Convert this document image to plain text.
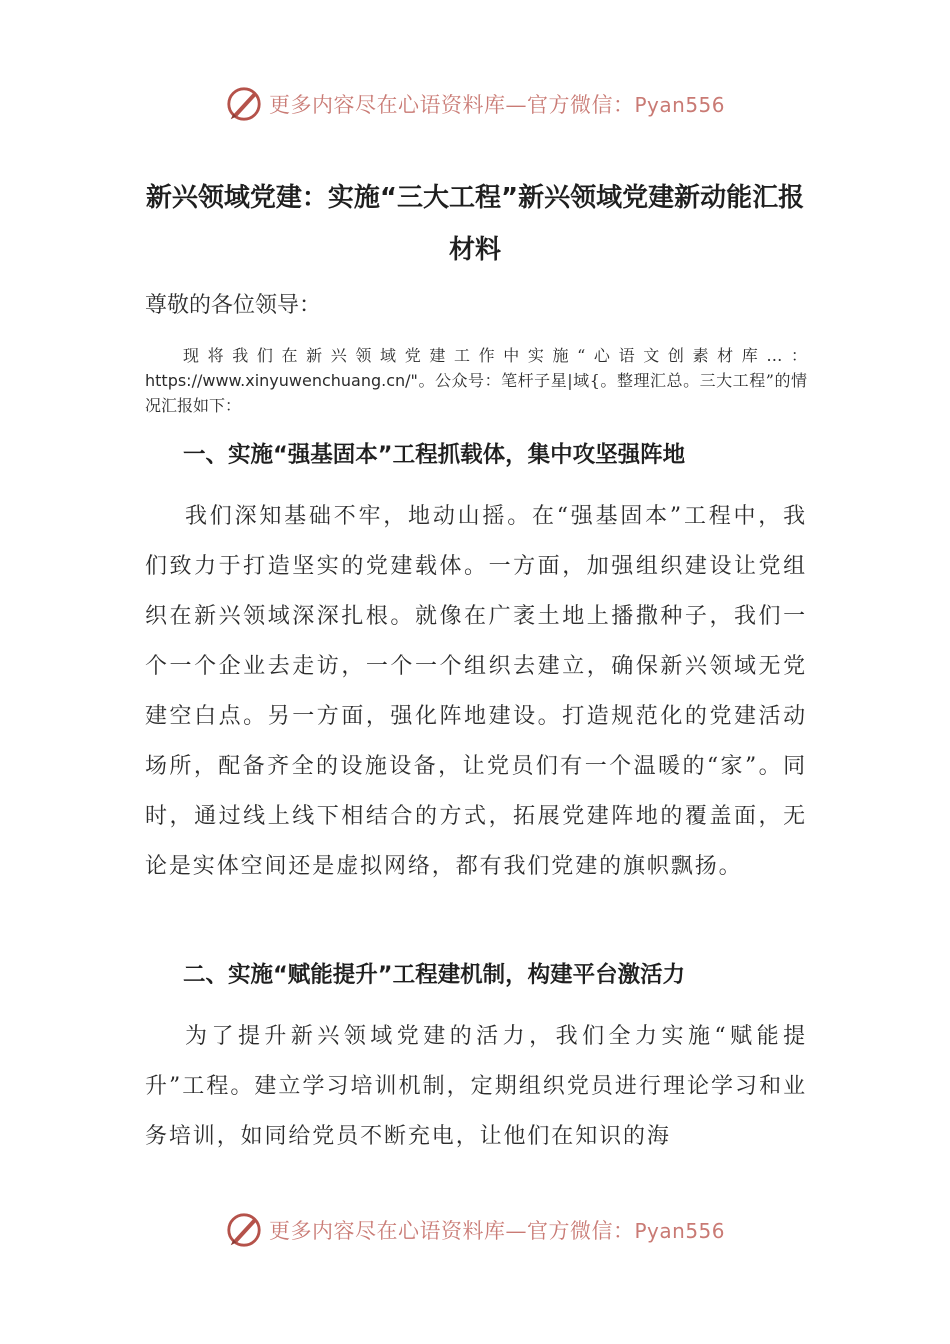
更多内容尽在心语资料库—官方微信：Pyan556
新兴领域党建：实施“三大工程”新兴领域党建新动能汇报材料
尊敬的各位领导：
现将我们在新兴领域党建工作中实施“心语文创素材库…：https://www.xinyuwenchuang.cn/"。公众号：笔杆子星|域{。整理汇总。三大工程”的情况汇报如下：
一、实施“强基固本”工程抓载体，集中攻坚强阵地
我们深知基础不牢，地动山摇。在“强基固本”工程中，我们致力于打造坚实的党建载体。一方面，加强组织建设让党组织在新兴领域深深扎根。就像在广袤土地上播撒种子，我们一个一个企业去走访，一个一个组织去建立，确保新兴领域无党建空白点。另一方面，强化阵地建设。打造规范化的党建活动场所，配备齐全的设施设备，让党员们有一个温暖的“家”。同时，通过线上线下相结合的方式，拓展党建阵地的覆盖面，无论是实体空间还是虚拟网络，都有我们党建的旗帜飘扬。
二、实施“赋能提升”工程建机制，构建平台激活力
为了提升新兴领域党建的活力，我们全力实施“赋能提升”工程。建立学习培训机制，定期组织党员进行理论学习和业务培训，如同给党员不断充电，让他们在知识的海
更多内容尽在心语资料库—官方微信：Pyan556
